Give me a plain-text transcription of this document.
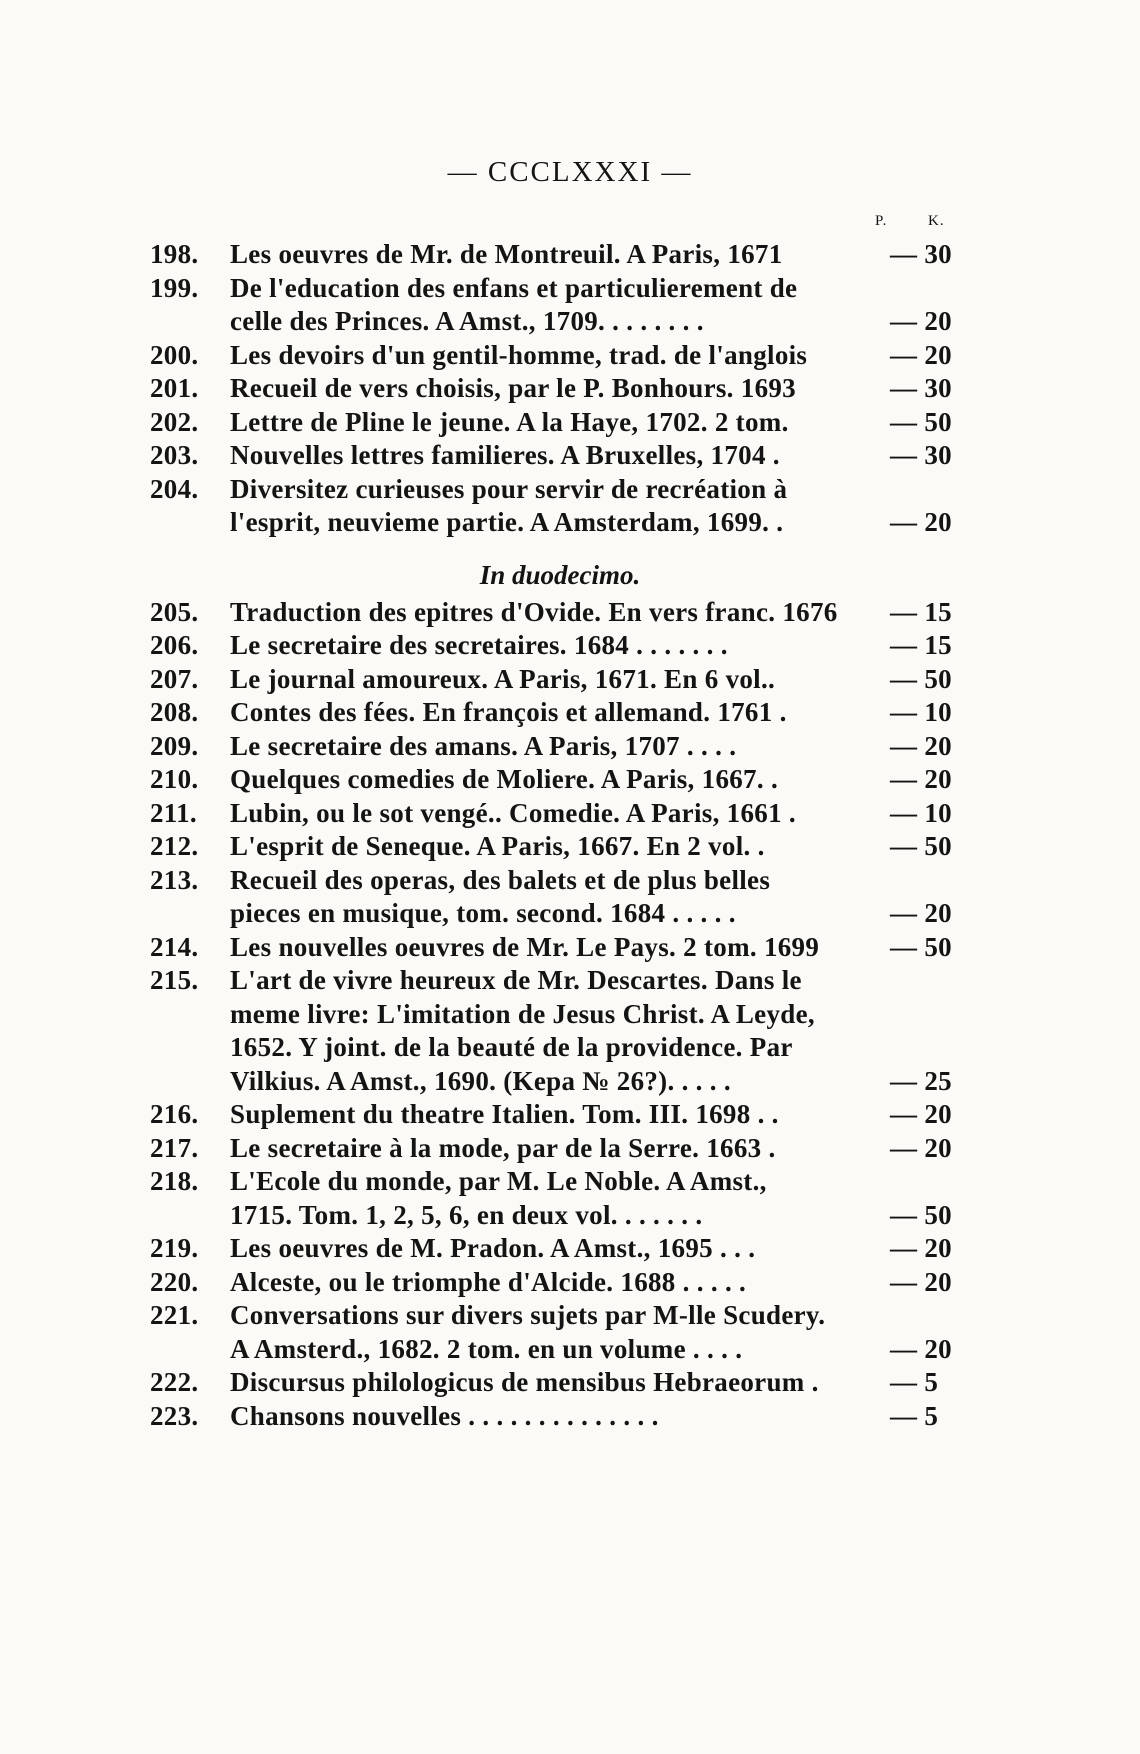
— CCCLXXXI —
P.	K.
198.	Les oeuvres de Mr. de Montreuil. A Paris, 1671	— 30
199.	De l'education des enfans et particulierement de
celle des Princes. A Amst., 1709. . . . . . . .	— 20
200.	Les devoirs d'un gentil-homme, trad. de l'anglois	— 20
201.	Recueil de vers choisis, par le P. Bonhours. 1693	— 30
202.	Lettre de Pline le jeune. A la Haye, 1702. 2 tom.	— 50
203.	Nouvelles lettres familieres. A Bruxelles, 1704 .	— 30
204.	Diversitez curieuses pour servir de recréation à
l'esprit, neuvieme partie. A Amsterdam, 1699. .	— 20
In duodecimo.
205.	Traduction des epitres d'Ovide. En vers franc. 1676	— 15
206.	Le secretaire des secretaires. 1684 . . . . . . .	— 15
207.	Le journal amoureux. A Paris, 1671. En 6 vol..	— 50
208.	Contes des fées. En françois et allemand. 1761 .	— 10
209.	Le secretaire des amans. A Paris, 1707 . . . .	— 20
210.	Quelques comedies de Moliere. A Paris, 1667. .	— 20
211.	Lubin, ou le sot vengé.. Comedie. A Paris, 1661 .	— 10
212.	L'esprit de Seneque. A Paris, 1667. En 2 vol. .	— 50
213.	Recueil des operas, des balets et de plus belles
pieces en musique, tom. second. 1684 . . . . .	— 20
214.	Les nouvelles oeuvres de Mr. Le Pays. 2 tom. 1699	— 50
215.	L'art de vivre heureux de Mr. Descartes. Dans le
meme livre: L'imitation de Jesus Christ. A Leyde,
1652. Y joint. de la beauté de la providence. Par
Vilkius. A Amst., 1690. (Kepa № 26?). . . . .	— 25
216.	Suplement du theatre Italien. Tom. III. 1698 . .	— 20
217.	Le secretaire à la mode, par de la Serre. 1663 .	— 20
218.	L'Ecole du monde, par M. Le Noble. A Amst.,
1715. Tom. 1, 2, 5, 6, en deux vol. . . . . . .	— 50
219.	Les oeuvres de M. Pradon. A Amst., 1695 . . .	— 20
220.	Alceste, ou le triomphe d'Alcide. 1688 . . . . .	— 20
221.	Conversations sur divers sujets par M-lle Scudery.
A Amsterd., 1682. 2 tom. en un volume . . . .	— 20
222.	Discursus philologicus de mensibus Hebraeorum .	— 5
223.	Chansons nouvelles . . . . . . . . . . . . . .	— 5
